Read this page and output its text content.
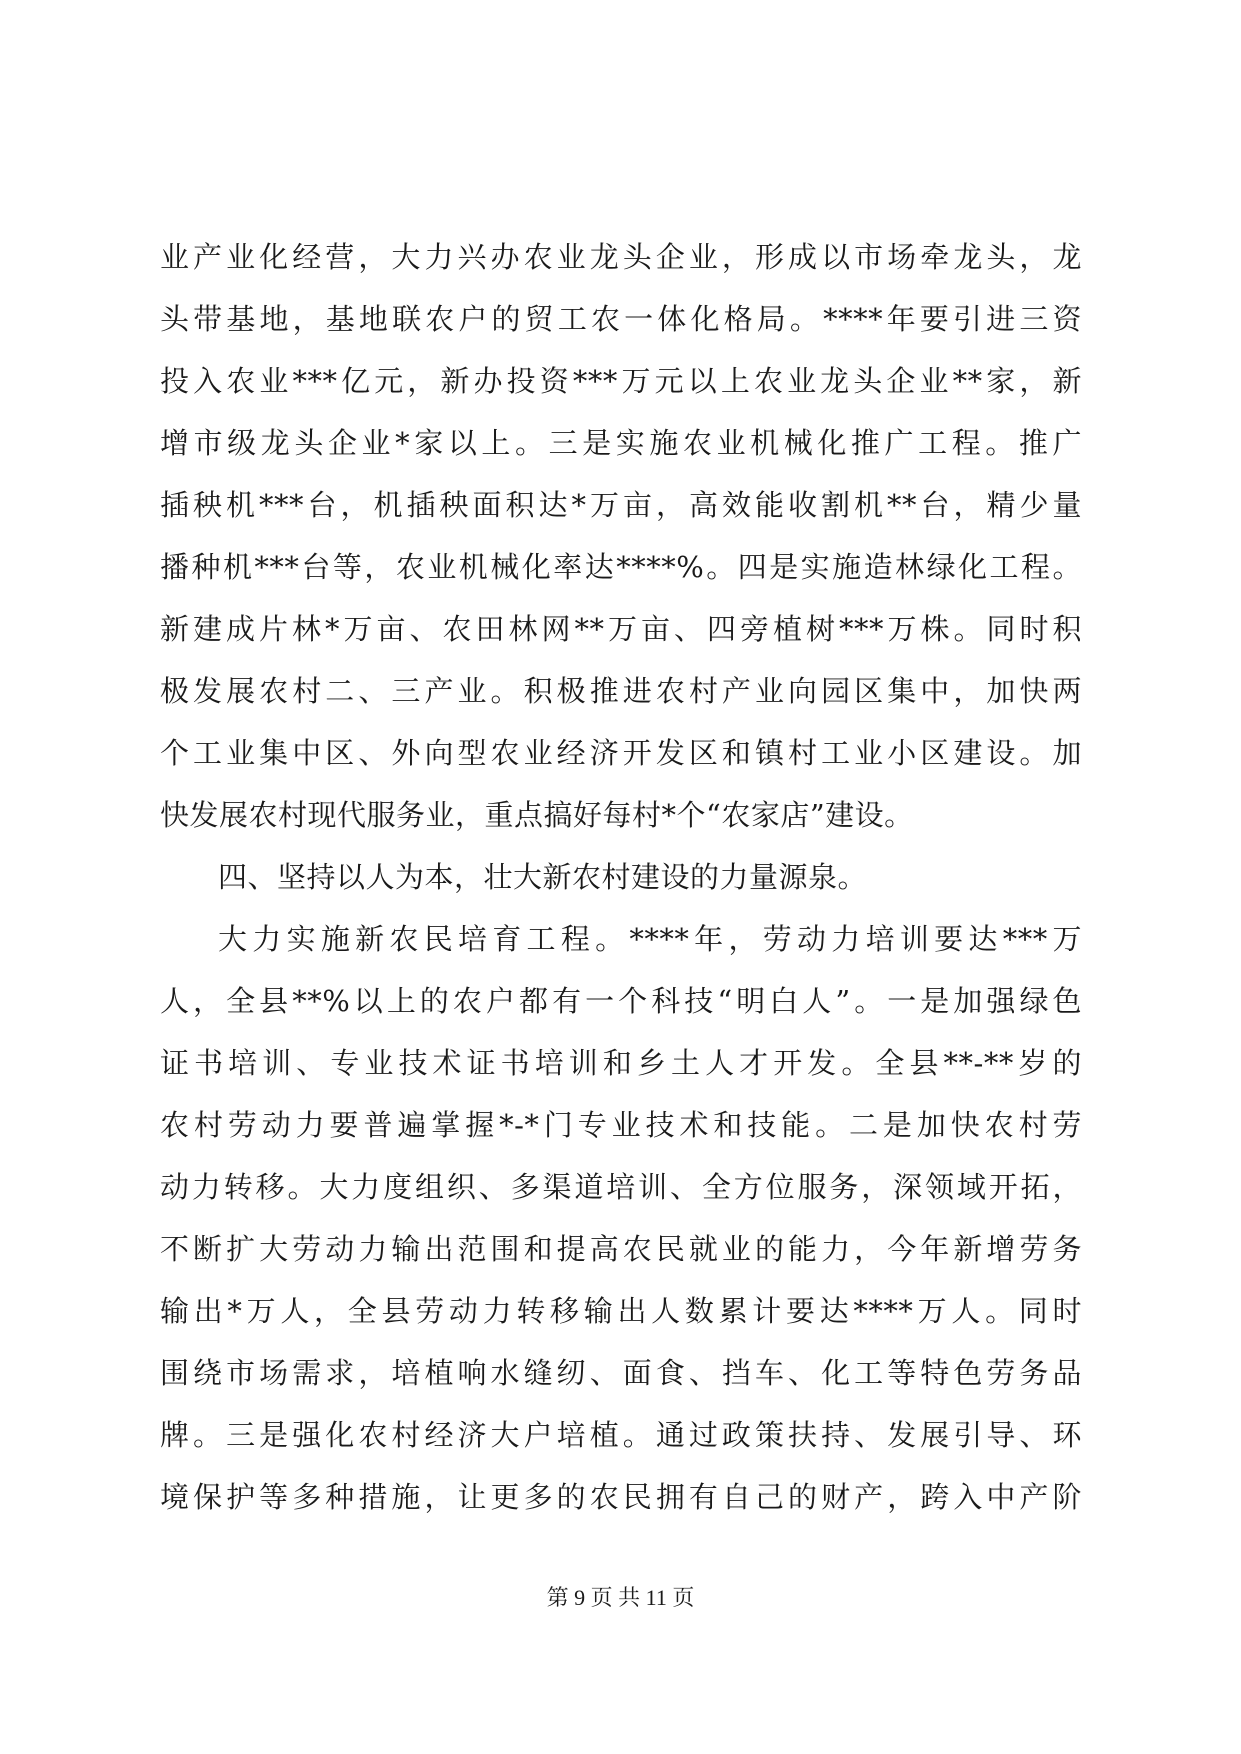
业产业化经营，大力兴办农业龙头企业，形成以市场牵龙头，龙
头带基地，基地联农户的贸工农一体化格局。****年要引进三资
投入农业***亿元，新办投资***万元以上农业龙头企业**家，新
增市级龙头企业*家以上。三是实施农业机械化推广工程。推广
插秧机***台，机插秧面积达*万亩，高效能收割机**台，精少量
播种机***台等，农业机械化率达****%。四是实施造林绿化工程。
新建成片林*万亩、农田林网**万亩、四旁植树***万株。同时积
极发展农村二、三产业。积极推进农村产业向园区集中，加快两
个工业集中区、外向型农业经济开发区和镇村工业小区建设。加
快发展农村现代服务业，重点搞好每村*个“农家店”建设。
四、坚持以人为本，壮大新农村建设的力量源泉。
大力实施新农民培育工程。****年，劳动力培训要达***万
人，全县**%以上的农户都有一个科技“明白人”。一是加强绿色
证书培训、专业技术证书培训和乡土人才开发。全县**-**岁的
农村劳动力要普遍掌握*-*门专业技术和技能。二是加快农村劳
动力转移。大力度组织、多渠道培训、全方位服务，深领域开拓，
不断扩大劳动力输出范围和提高农民就业的能力，今年新增劳务
输出*万人，全县劳动力转移输出人数累计要达****万人。同时
围绕市场需求，培植响水缝纫、面食、挡车、化工等特色劳务品
牌。三是强化农村经济大户培植。通过政策扶持、发展引导、环
境保护等多种措施，让更多的农民拥有自己的财产，跨入中产阶
第 9 页 共 11 页
